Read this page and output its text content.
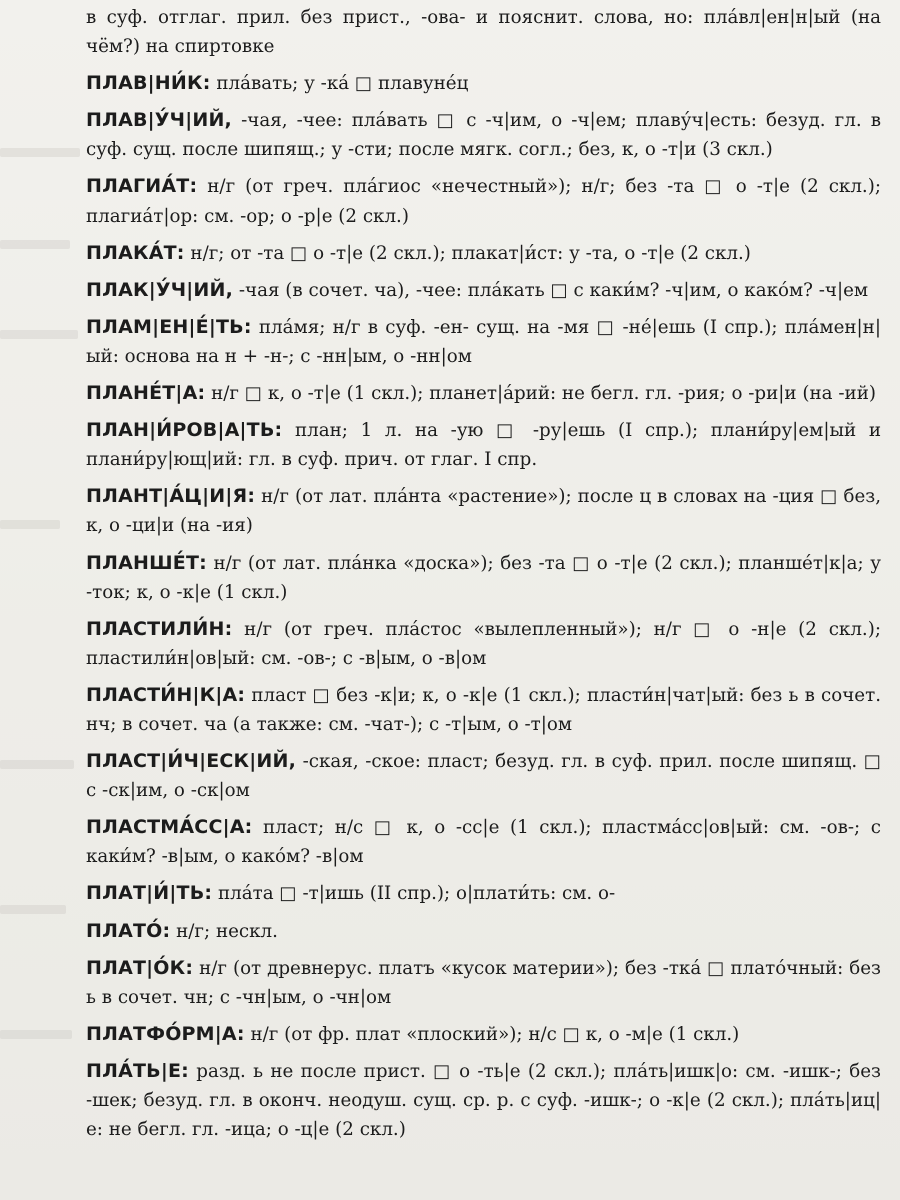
в суф. отглаг. прил. без прист., -ова- и пояснит. слова, но: пла́вл|ен|н|ый (на чём?) на спиртовке

ПЛАВ|НИ́К: пла́вать; у -ка́ □ плавуне́ц

ПЛАВ|У́Ч|ИЙ, -чая, -чее: пла́вать □ с -ч|им, о -ч|ем; плаву́ч|есть: безуд. гл. в суф. сущ. после шипящ.; у -сти; после мягк. согл.; без, к, о -т|и (3 скл.)

ПЛАГИА́Т: н/г (от греч. пла́гиос «нечестный»); н/г; без -та □ о -т|е (2 скл.); плагиа́т|ор: см. -ор; о -р|е (2 скл.)

ПЛАКА́Т: н/г; от -та □ о -т|е (2 скл.); плакат|и́ст: у -та, о -т|е (2 скл.)

ПЛАК|У́Ч|ИЙ, -чая (в сочет. ча), -чее: пла́кать □ с каки́м? -ч|им, о како́м? -ч|ем

ПЛАМ|ЕН|Е́|ТЬ: пла́мя; н/г в суф. -ен- сущ. на -мя □ -не́|ешь (I спр.); пла́мен|н|ый: основа на н + -н-; с -нн|ым, о -нн|ом

ПЛАНЕ́Т|А: н/г □ к, о -т|е (1 скл.); планет|а́рий: не бегл. гл. -рия; о -ри|и (на -ий)

ПЛАН|И́РОВ|А|ТЬ: план; 1 л. на -ую □ -ру|ешь (I спр.); плани́ру|ем|ый и плани́ру|ющ|ий: гл. в суф. прич. от глаг. I спр.

ПЛАНТ|А́Ц|И|Я: н/г (от лат. пла́нта «растение»); после ц в словах на -ция □ без, к, о -ци|и (на -ия)

ПЛАНШЕ́Т: н/г (от лат. пла́нка «доска»); без -та □ о -т|е (2 скл.); планше́т|к|а; у -ток; к, о -к|е (1 скл.)

ПЛАСТИЛИ́Н: н/г (от греч. пла́стос «вылепленный»); н/г □ о -н|е (2 скл.); пластили́н|ов|ый: см. -ов-; с -в|ым, о -в|ом

ПЛАСТИ́Н|К|А: пласт □ без -к|и; к, о -к|е (1 скл.); пласти́н|чат|ый: без ь в сочет. нч; в сочет. ча (а также: см. -чат-); с -т|ым, о -т|ом

ПЛАСТ|И́Ч|ЕСК|ИЙ, -ская, -ское: пласт; безуд. гл. в суф. прил. после шипящ. □ с -ск|им, о -ск|ом

ПЛАСТМА́СС|А: пласт; н/с □ к, о -сс|е (1 скл.); пластма́сс|ов|ый: см. -ов-; с каки́м? -в|ым, о како́м? -в|ом

ПЛАТ|И́|ТЬ: пла́та □ -т|ишь (II спр.); о|плати́ть: см. о-

ПЛАТО́: н/г; нескл.

ПЛАТ|О́К: н/г (от древнерус. платъ «кусок материи»); без -тка́ □ плато́чный: без ь в сочет. чн; с -чн|ым, о -чн|ом

ПЛАТФО́РМ|А: н/г (от фр. плат «плоский»); н/с □ к, о -м|е (1 скл.)

ПЛА́ТЬ|Е: разд. ь не после прист. □ о -ть|е (2 скл.); пла́ть|ишк|о: см. -ишк-; без -шек; безуд. гл. в оконч. неодуш. сущ. ср. р. с суф. -ишк-; о -к|е (2 скл.); пла́ть|иц|е: не бегл. гл. -ица; о -ц|е (2 скл.)
